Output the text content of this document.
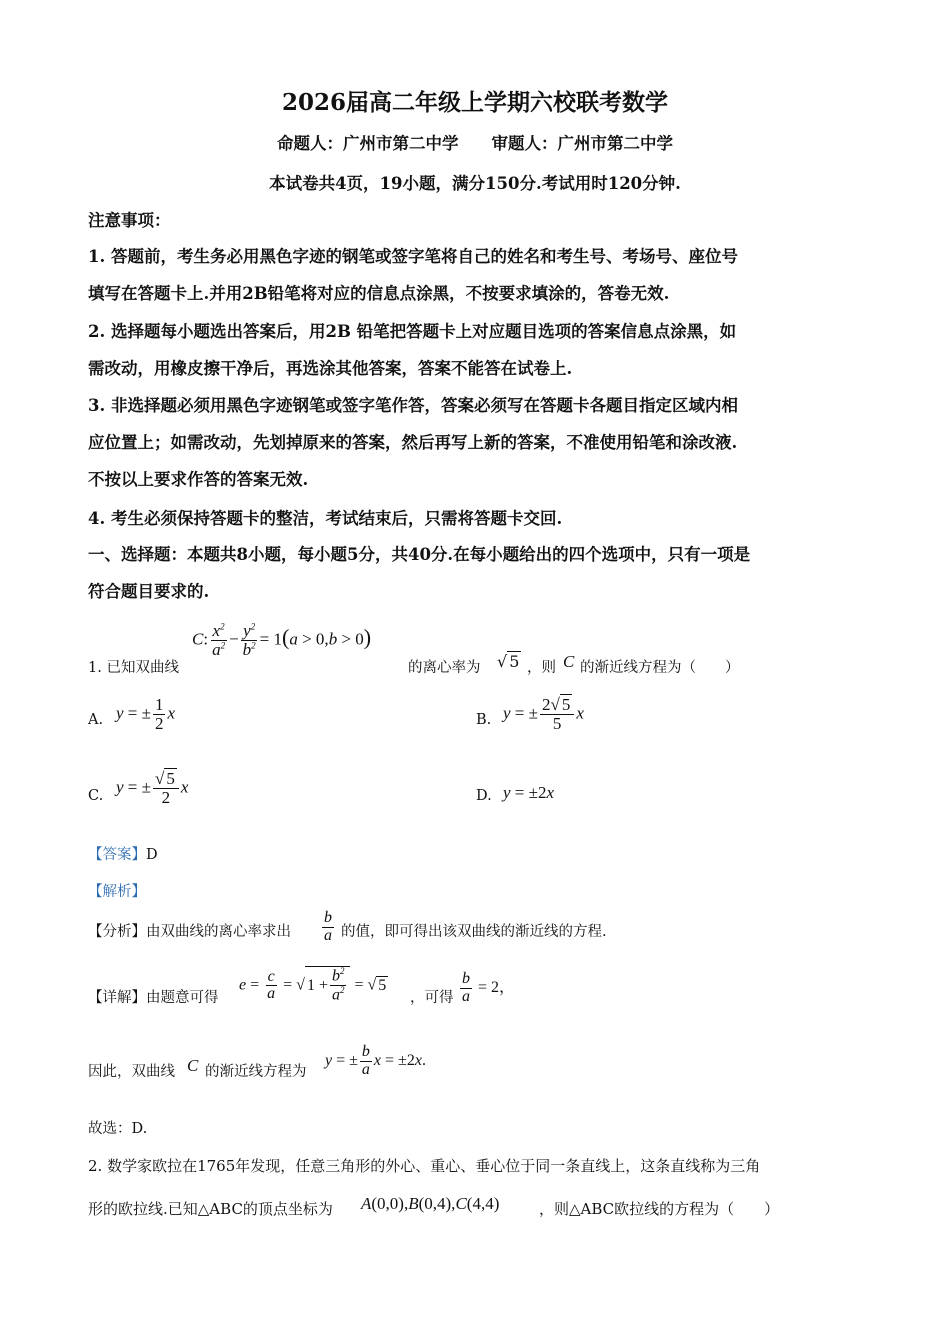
2026届高二年级上学期六校联考数学
命题人：广州市第二中学　　审题人：广州市第二中学
本试卷共4页，19小题，满分150分.考试用时120分钟.
注意事项：
1. 答题前，考生务必用黑色字迹的钢笔或签字笔将自己的姓名和考生号、考场号、座位号
填写在答题卡上.并用2B铅笔将对应的信息点涂黑，不按要求填涂的，答卷无效.
2. 选择题每小题选出答案后，用2B 铅笔把答题卡上对应题目选项的答案信息点涂黑，如
需改动，用橡皮擦干净后，再选涂其他答案，答案不能答在试卷上.
3. 非选择题必须用黑色字迹钢笔或签字笔作答，答案必须写在答题卡各题目指定区域内相
应位置上；如需改动，先划掉原来的答案，然后再写上新的答案，不准使用铅笔和涂改液.
不按以上要求作答的答案无效.
4. 考生必须保持答题卡的整洁，考试结束后，只需将答题卡交回.
一、选择题：本题共8小题，每小题5分，共40分.在每小题给出的四个选项中，只有一项是
符合题目要求的.
1. 已知双曲线
C: $\frac{x^2}{a^2} - \frac{y^2}{b^2} = 1(a > 0,b > 0)$
的离心率为 √ 5 ，则 C 的渐近线方程为（　　）
A. y = ± $\frac{1}{2}$ x	B. y = ± $\frac{2√ 5}{5}$ x
C. y = ± $\frac{√ 5}{2}$ x	D. y = ±2x
【答案】D
【解析】
【分析】由双曲线的离心率求出 $\frac{b}{a}$ 的值，即可得出该双曲线的渐近线的方程.
【详解】由题意可得
$e = \frac{c}{a}$ = √ $1 + \frac{b^2}{a^2}$ = √ 5
，可得 $\frac{b}{a} = 2$，
因此，双曲线 C 的渐近线方程为
y = ± $\frac{b}{a}$ x = ±2x.
故选：D.
2. 数学家欧拉在1765年发现，任意三角形的外心、重心、垂心位于同一条直线上，这条直线称为三角
形的欧拉线.已知△ABC的顶点坐标为 A(0,0),B(0,4),C(4,4)	，则△ABC欧拉线的方程为（　　）
